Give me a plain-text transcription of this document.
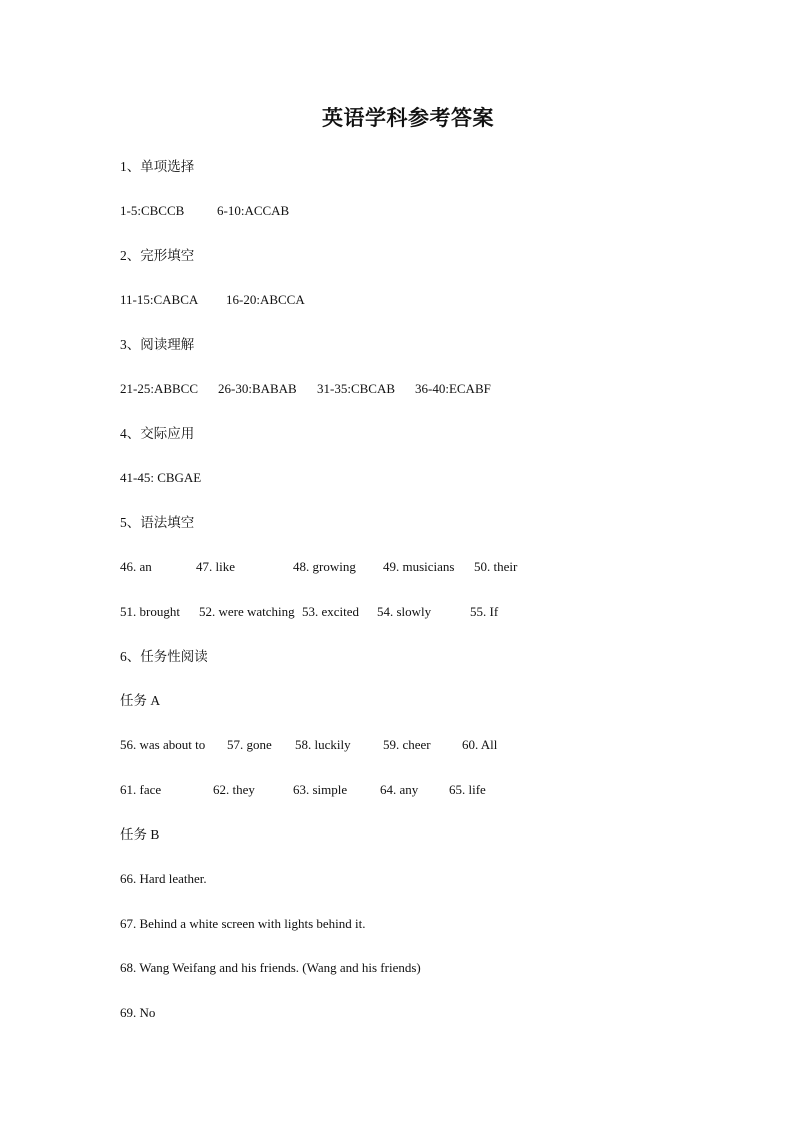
英语学科参考答案
1、单项选择
1-5:CBCCB	6-10:ACCAB
2、完形填空
11-15:CABCA 16-20:ABCCA
3、阅读理解
21-25:ABBCC 26-30:BABAB 31-35:CBCAB 36-40:ECABF
4、交际应用
41-45: CBGAE
5、语法填空
46. an	47. like	48. growing 49. musicians 50. their
51. brought 52. were watching 53. excited 54. slowly	55. If
6、任务性阅读
任务 A
56. was about to 57. gone 58. luckily 59. cheer 60. All
61. face	62. they	63. simple	64. any 65. life
任务 B
66. Hard leather.
67. Behind a white screen with lights behind it.
68. Wang Weifang and his friends. (Wang and his friends)
69. No
